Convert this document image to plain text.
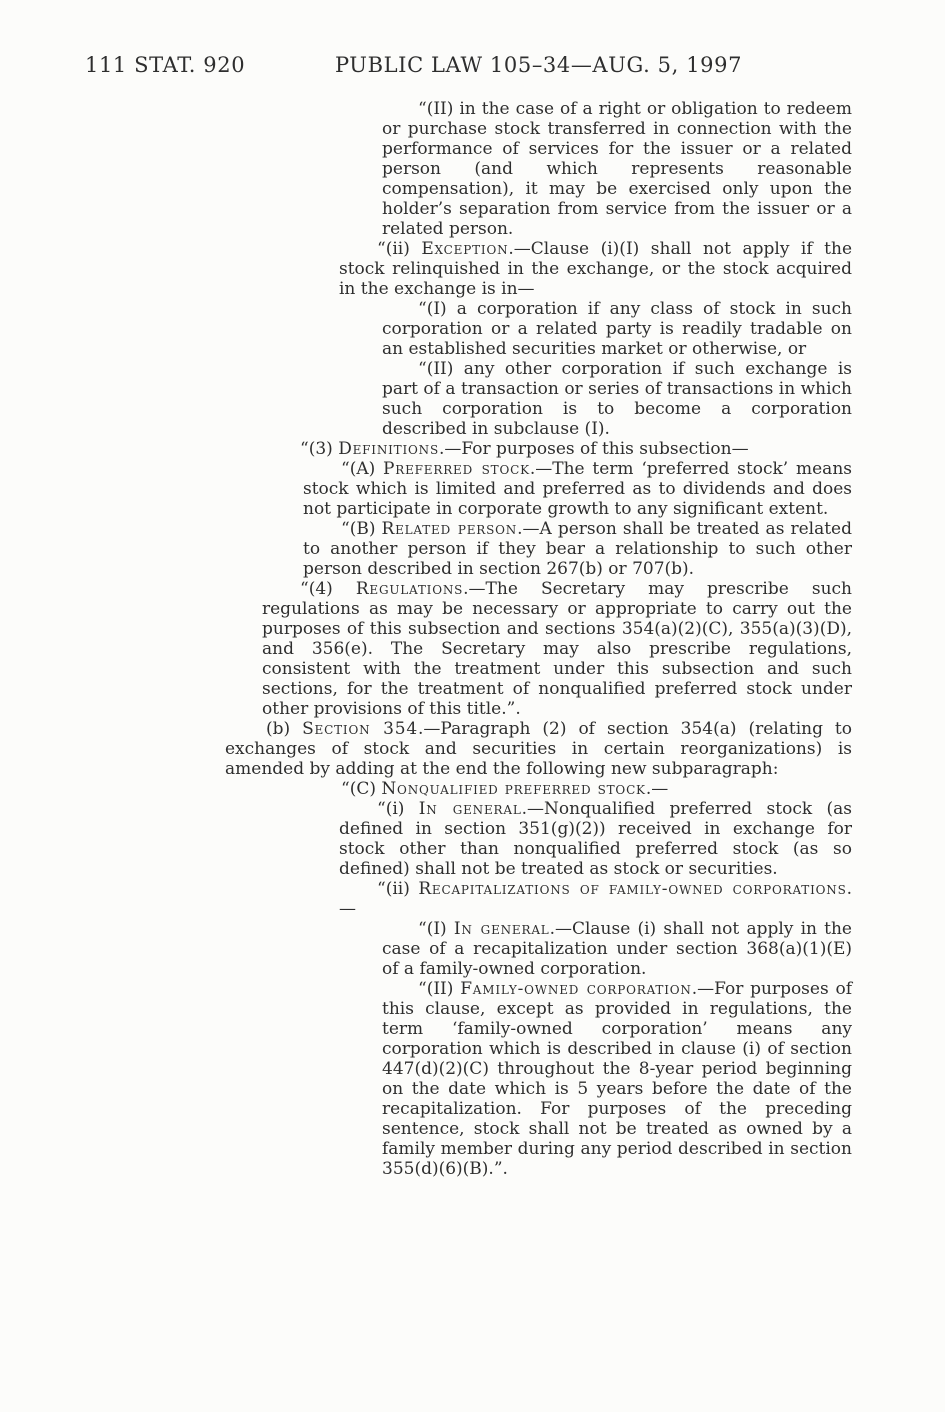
111 STAT. 920	PUBLIC LAW 105–34—AUG. 5, 1997

“(II) in the case of a right or obligation to redeem or purchase stock transferred in connection with the performance of services for the issuer or a related person (and which represents reasonable compensation), it may be exercised only upon the holder’s separation from service from the issuer or a related person.

“(ii) Exception.—Clause (i)(I) shall not apply if the stock relinquished in the exchange, or the stock acquired in the exchange is in—

“(I) a corporation if any class of stock in such corporation or a related party is readily tradable on an established securities market or otherwise, or

“(II) any other corporation if such exchange is part of a transaction or series of transactions in which such corporation is to become a corporation described in subclause (I).

“(3) Definitions.—For purposes of this subsection—

“(A) Preferred stock.—The term ‘preferred stock’ means stock which is limited and preferred as to dividends and does not participate in corporate growth to any significant extent.

“(B) Related person.—A person shall be treated as related to another person if they bear a relationship to such other person described in section 267(b) or 707(b).

“(4) Regulations.—The Secretary may prescribe such regulations as may be necessary or appropriate to carry out the purposes of this subsection and sections 354(a)(2)(C), 355(a)(3)(D), and 356(e). The Secretary may also prescribe regulations, consistent with the treatment under this subsection and such sections, for the treatment of nonqualified preferred stock under other provisions of this title.”.

(b) Section 354.—Paragraph (2) of section 354(a) (relating to exchanges of stock and securities in certain reorganizations) is amended by adding at the end the following new subparagraph:

“(C) Nonqualified preferred stock.—

“(i) In general.—Nonqualified preferred stock (as defined in section 351(g)(2)) received in exchange for stock other than nonqualified preferred stock (as so defined) shall not be treated as stock or securities.

“(ii) Recapitalizations of family-owned corporations.—

“(I) In general.—Clause (i) shall not apply in the case of a recapitalization under section 368(a)(1)(E) of a family-owned corporation.

“(II) Family-owned corporation.—For purposes of this clause, except as provided in regulations, the term ‘family-owned corporation’ means any corporation which is described in clause (i) of section 447(d)(2)(C) throughout the 8-year period beginning on the date which is 5 years before the date of the recapitalization. For purposes of the preceding sentence, stock shall not be treated as owned by a family member during any period described in section 355(d)(6)(B).”.
